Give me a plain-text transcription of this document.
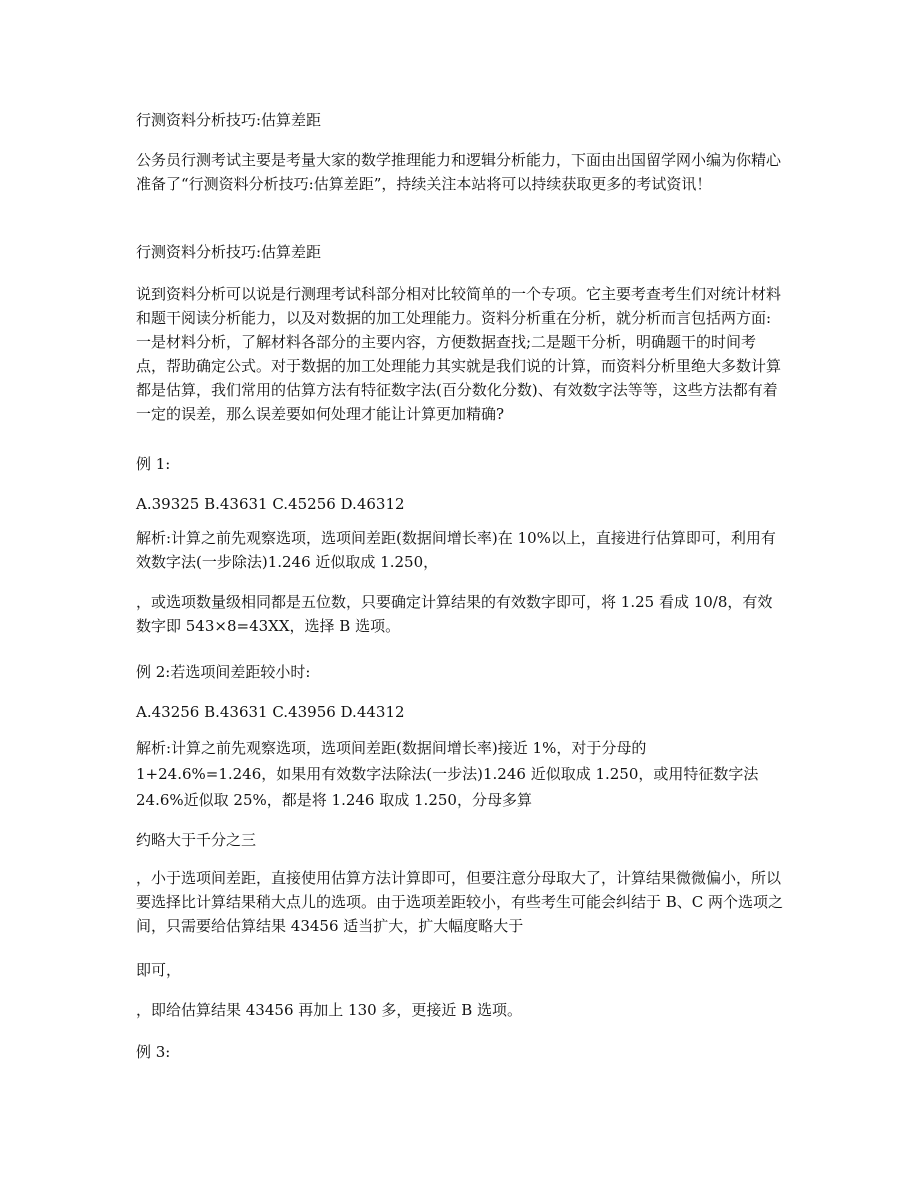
行测资料分析技巧:估算差距
公务员行测考试主要是考量大家的数学推理能力和逻辑分析能力，下面由出国留学网小编为你精心准备了“行测资料分析技巧:估算差距”，持续关注本站将可以持续获取更多的考试资讯！
行测资料分析技巧:估算差距
说到资料分析可以说是行测理考试科部分相对比较简单的一个专项。它主要考查考生们对统计材料和题干阅读分析能力，以及对数据的加工处理能力。资料分析重在分析，就分析而言包括两方面:一是材料分析，了解材料各部分的主要内容，方便数据查找;二是题干分析，明确题干的时间考点，帮助确定公式。对于数据的加工处理能力其实就是我们说的计算，而资料分析里绝大多数计算都是估算，我们常用的估算方法有特征数字法(百分数化分数)、有效数字法等等，这些方法都有着一定的误差，那么误差要如何处理才能让计算更加精确?
例 1:
A.39325 B.43631 C.45256 D.46312
解析:计算之前先观察选项，选项间差距(数据间增长率)在 10%以上，直接进行估算即可，利用有效数字法(一步除法)1.246 近似取成 1.250，
，或选项数量级相同都是五位数，只要确定计算结果的有效数字即可，将 1.25 看成 10/8，有效数字即 543×8=43XX，选择 B 选项。
例 2:若选项间差距较小时:
A.43256 B.43631 C.43956 D.44312
解析:计算之前先观察选项，选项间差距(数据间增长率)接近 1%，对于分母的
1+24.6%=1.246，如果用有效数字法除法(一步法)1.246 近似取成 1.250，或用特征数字法
24.6%近似取 25%，都是将 1.246 取成 1.250，分母多算
约略大于千分之三
，小于选项间差距，直接使用估算方法计算即可，但要注意分母取大了，计算结果微微偏小，所以要选择比计算结果稍大点儿的选项。由于选项差距较小，有些考生可能会纠结于 B、C 两个选项之间，只需要给估算结果 43456 适当扩大，扩大幅度略大于
即可，
，即给估算结果 43456 再加上 130 多，更接近 B 选项。
例 3:
